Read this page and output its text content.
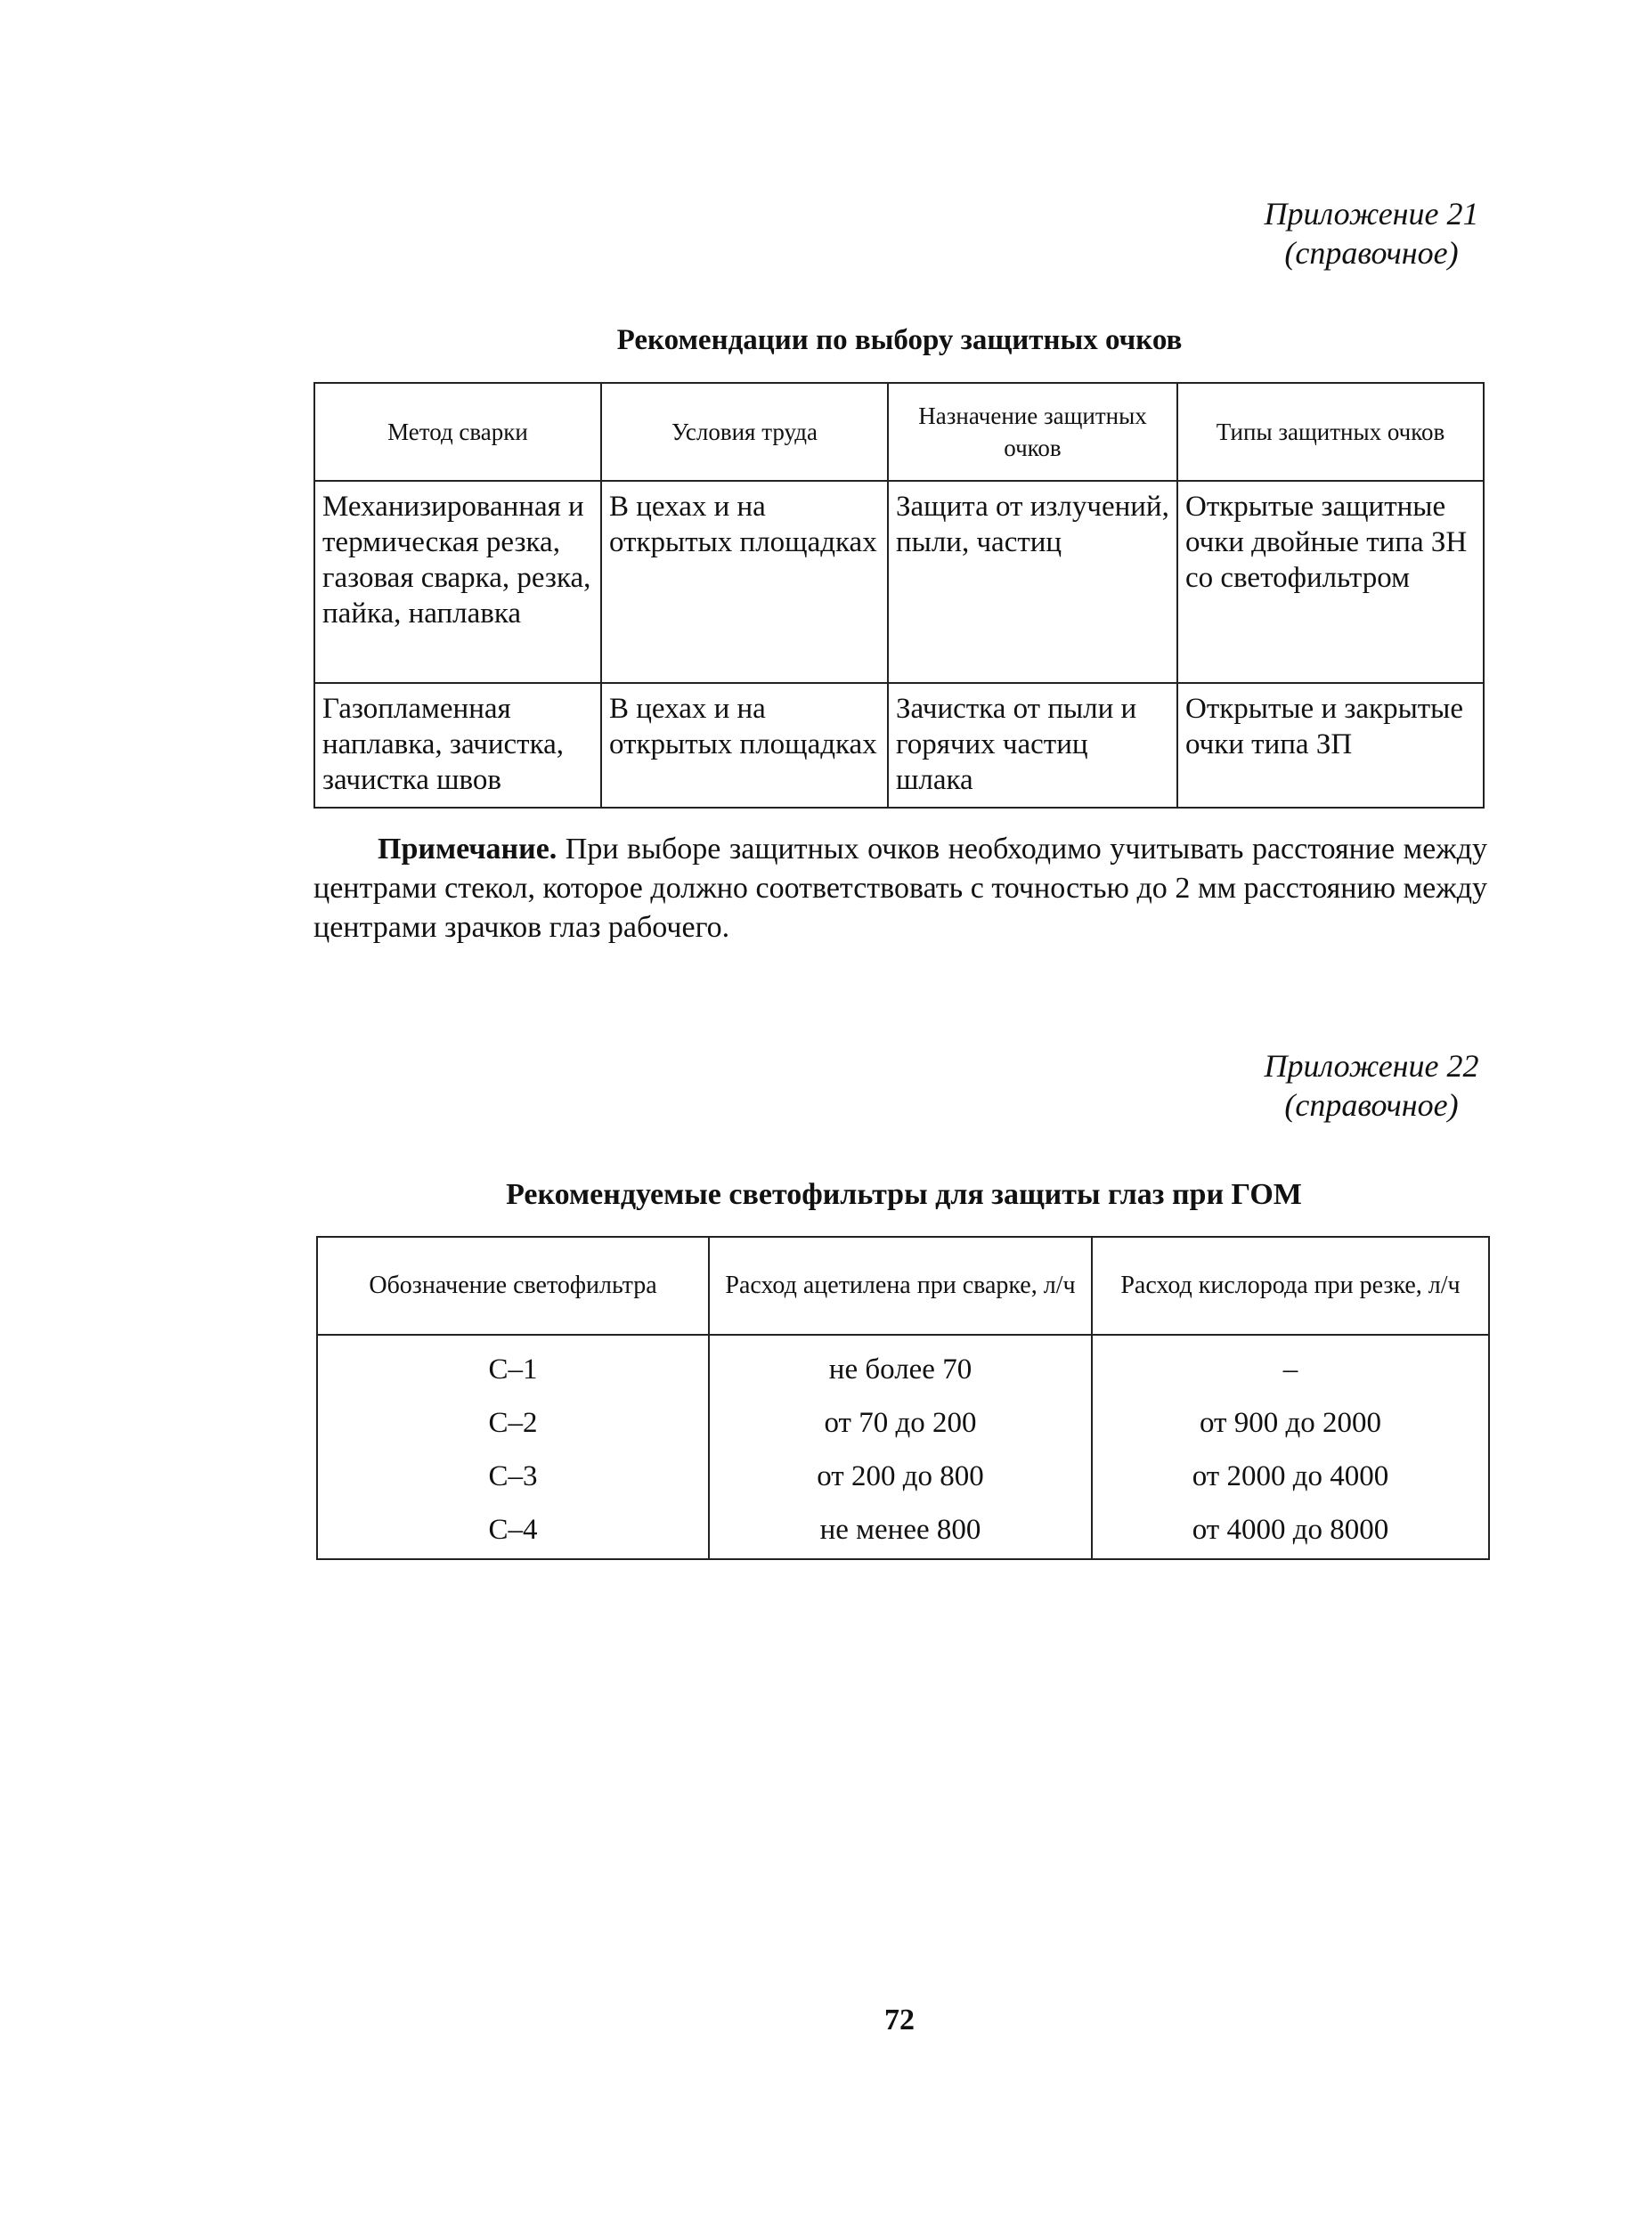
Приложение 21
(справочное)
Рекомендации по выбору защитных очков
Метод сварки	Условия труда	Назначение защитных очков	Типы защитных очков
Механизированная и термическая резка, газовая сварка, резка, пайка, наплавка	В цехах и на открытых площадках	Защита от излучений, пыли, частиц	Открытые защитные очки двойные типа ЗН со светофильтром
Газопламенная наплавка, зачистка, зачистка швов	В цехах и на открытых площадках	Зачистка от пыли и горячих частиц шлака	Открытые и закрытые очки типа ЗП
Примечание. При выборе защитных очков необходимо учитывать расстояние между центрами стекол, которое должно соответствовать с точностью до 2 мм расстоянию между центрами зрачков глаз рабочего.
Приложение 22
(справочное)
Рекомендуемые светофильтры для защиты глаз при ГОМ
Обозначение светофильтра	Расход ацетилена при сварке, л/ч	Расход кислорода при резке, л/ч
С–1	не более 70	–
С–2	от 70 до 200	от 900 до 2000
С–3	от 200 до 800	от 2000 до 4000
С–4	не менее 800	от 4000 до 8000
72
